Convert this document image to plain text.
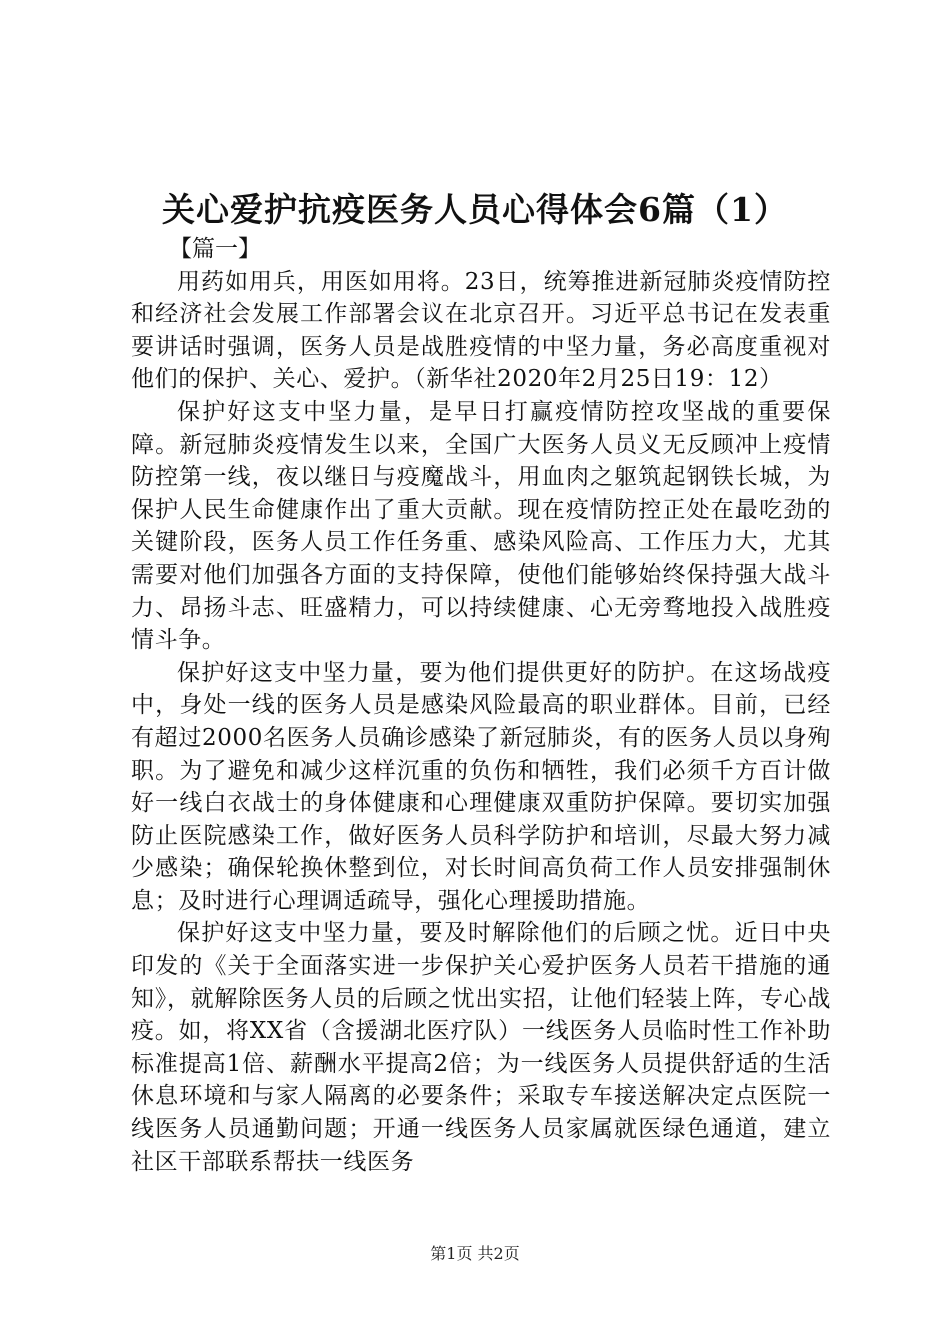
关心爱护抗疫医务人员心得体会6篇（1）

【篇一】

用药如用兵，用医如用将。23日，统筹推进新冠肺炎疫情防控和经济社会发展工作部署会议在北京召开。习近平总书记在发表重要讲话时强调，医务人员是战胜疫情的中坚力量，务必高度重视对他们的保护、关心、爱护。（新华社2020年2月25日19：12）

保护好这支中坚力量，是早日打赢疫情防控攻坚战的重要保障。新冠肺炎疫情发生以来，全国广大医务人员义无反顾冲上疫情防控第一线，夜以继日与疫魔战斗，用血肉之躯筑起钢铁长城，为保护人民生命健康作出了重大贡献。现在疫情防控正处在最吃劲的关键阶段，医务人员工作任务重、感染风险高、工作压力大，尤其需要对他们加强各方面的支持保障，使他们能够始终保持强大战斗力、昂扬斗志、旺盛精力，可以持续健康、心无旁骛地投入战胜疫情斗争。

保护好这支中坚力量，要为他们提供更好的防护。在这场战疫中，身处一线的医务人员是感染风险最高的职业群体。目前，已经有超过2000名医务人员确诊感染了新冠肺炎，有的医务人员以身殉职。为了避免和减少这样沉重的负伤和牺牲，我们必须千方百计做好一线白衣战士的身体健康和心理健康双重防护保障。要切实加强防止医院感染工作，做好医务人员科学防护和培训，尽最大努力减少感染；确保轮换休整到位，对长时间高负荷工作人员安排强制休息；及时进行心理调适疏导，强化心理援助措施。

保护好这支中坚力量，要及时解除他们的后顾之忧。近日中央印发的《关于全面落实进一步保护关心爱护医务人员若干措施的通知》，就解除医务人员的后顾之忧出实招，让他们轻装上阵，专心战疫。如，将XX省（含援湖北医疗队）一线医务人员临时性工作补助标准提高1倍、薪酬水平提高2倍；为一线医务人员提供舒适的生活休息环境和与家人隔离的必要条件；采取专车接送解决定点医院一线医务人员通勤问题；开通一线医务人员家属就医绿色通道，建立社区干部联系帮扶一线医务

第1页 共2页
